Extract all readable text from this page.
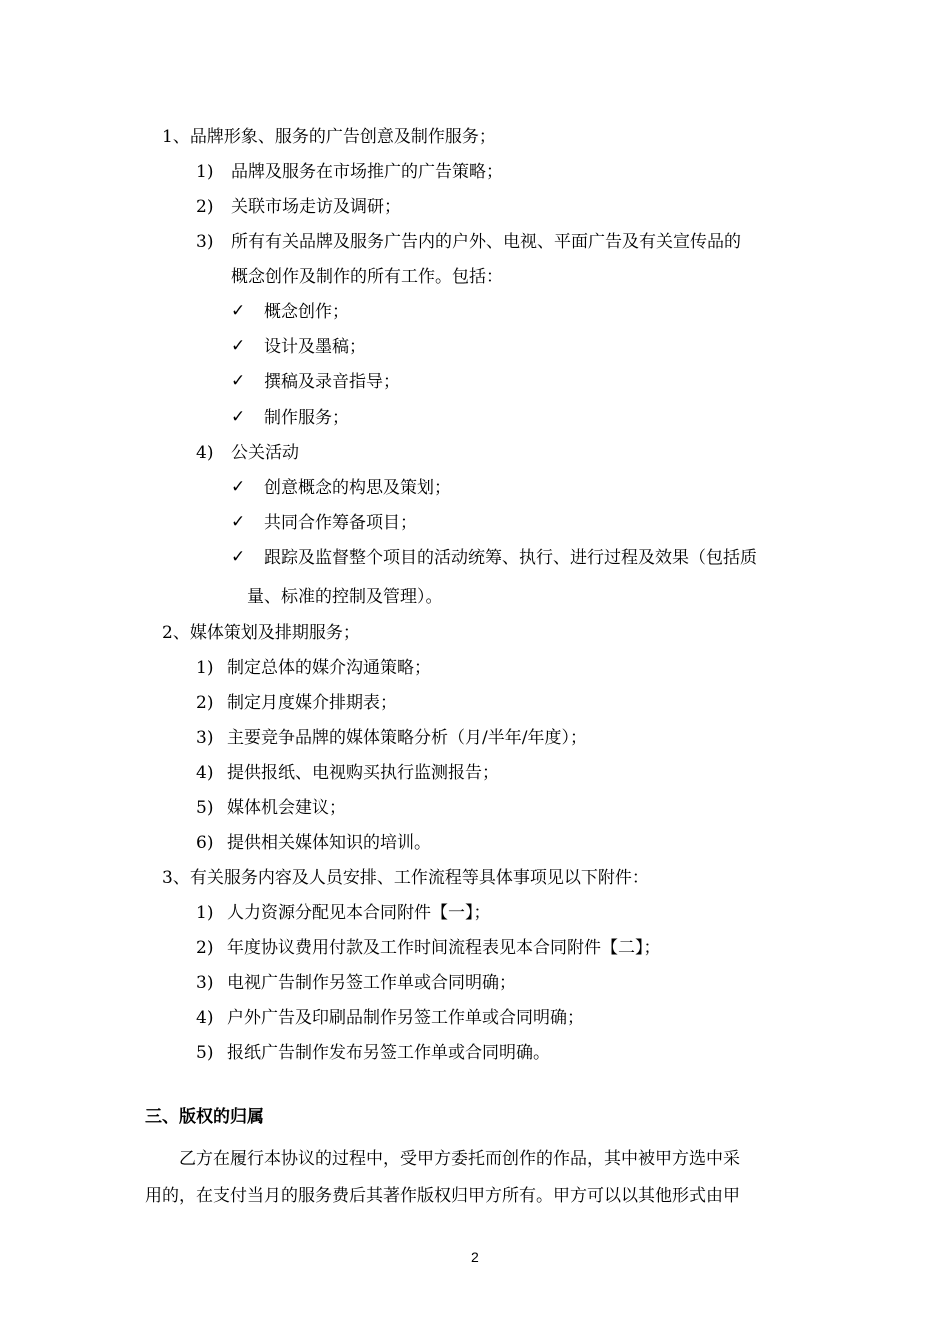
1、品牌形象、服务的广告创意及制作服务；
1) 品牌及服务在市场推广的广告策略；
2) 关联市场走访及调研；
3) 所有有关品牌及服务广告内的户外、电视、平面广告及有关宣传品的
概念创作及制作的所有工作。包括：
✓ 概念创作；
✓ 设计及墨稿；
✓ 撰稿及录音指导；
✓ 制作服务；
4) 公关活动
✓ 创意概念的构思及策划；
✓ 共同合作筹备项目；
✓ 跟踪及监督整个项目的活动统筹、执行、进行过程及效果（包括质
量、标准的控制及管理）。
2、媒体策划及排期服务；
1) 制定总体的媒介沟通策略；
2) 制定月度媒介排期表；
3) 主要竞争品牌的媒体策略分析（月/半年/年度）；
4) 提供报纸、电视购买执行监测报告；
5) 媒体机会建议；
6) 提供相关媒体知识的培训。
3、有关服务内容及人员安排、工作流程等具体事项见以下附件：
1) 人力资源分配见本合同附件【一】；
2) 年度协议费用付款及工作时间流程表见本合同附件【二】；
3) 电视广告制作另签工作单或合同明确；
4) 户外广告及印刷品制作另签工作单或合同明确；
5) 报纸广告制作发布另签工作单或合同明确。
三、版权的归属
乙方在履行本协议的过程中，受甲方委托而创作的作品，其中被甲方选中采
用的，在支付当月的服务费后其著作版权归甲方所有。甲方可以以其他形式由甲
2
